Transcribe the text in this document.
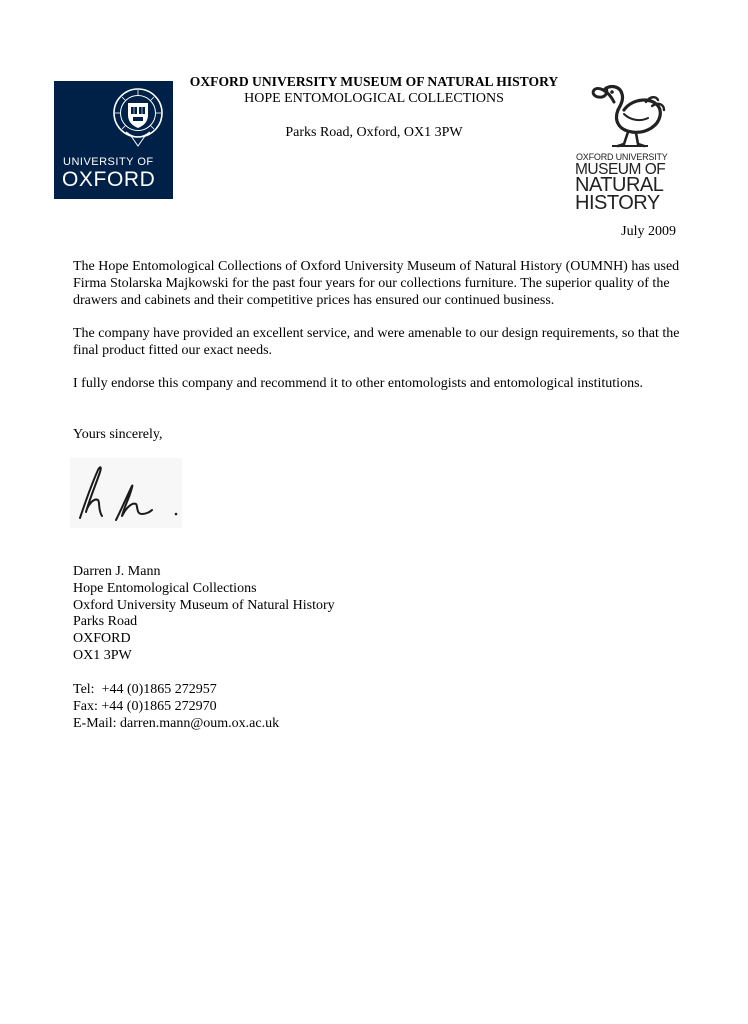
UNIVERSITY OF
OXFORD
OXFORD UNIVERSITY MUSEUM OF NATURAL HISTORY
HOPE ENTOMOLOGICAL COLLECTIONS
Parks Road, Oxford, OX1 3PW
OXFORD UNIVERSITY
MUSEUM OF
NATURAL
HISTORY
July 2009

The Hope Entomological Collections of Oxford University Museum of Natural History (OUMNH) has used Firma Stolarska Majkowski for the past four years for our collections furniture. The superior quality of the drawers and cabinets and their competitive prices has ensured our continued business.

The company have provided an excellent service, and were amenable to our design requirements, so that the final product fitted our exact needs.

I fully endorse this company and recommend it to other entomologists and entomological institutions.

Yours sincerely,

Darren J. Mann
Hope Entomological Collections
Oxford University Museum of Natural History
Parks Road
OXFORD
OX1 3PW
Tel:  +44 (0)1865 272957
Fax: +44 (0)1865 272970
E-Mail: darren.mann@oum.ox.ac.uk
